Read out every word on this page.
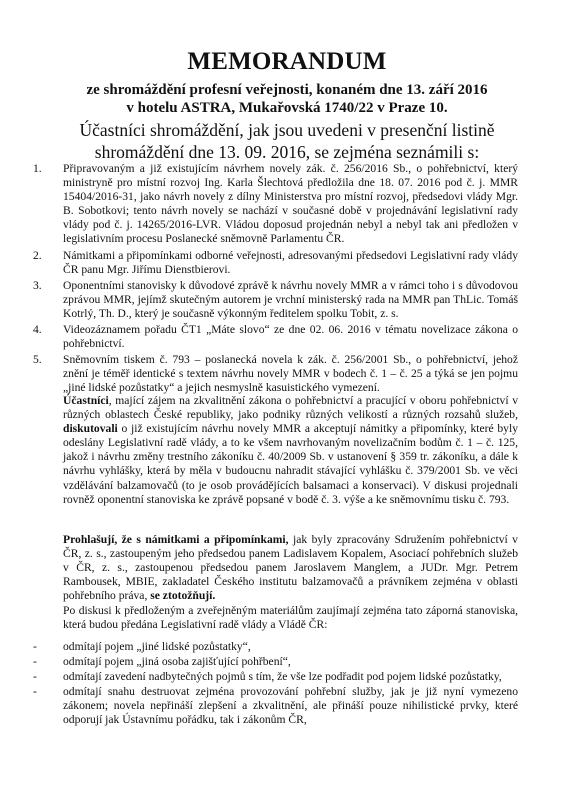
MEMORANDUM
ze shromáždění profesní veřejnosti, konaném dne 13. září 2016
v hotelu ASTRA, Mukařovská 1740/22 v Praze 10.
Účastníci shromáždění, jak jsou uvedeni v presenční listině
shromáždění dne 13. 09. 2016, se zejména seznámili s:
1. Připravovaným a již existujícím návrhem novely zák. č. 256/2016 Sb., o pohřebnictví, který ministryně pro místní rozvoj Ing. Karla Šlechtová předložila dne 18. 07. 2016 pod č. j. MMR 15404/2016-31, jako návrh novely z dílny Ministerstva pro místní rozvoj, předsedovi vlády Mgr. B. Sobotkovi; tento návrh novely se nachází v současné době v projednávání legislativní rady vlády pod č. j. 14265/2016-LVR. Vládou doposud projednán nebyl a nebyl tak ani předložen v legislativním procesu Poslanecké sněmovně Parlamentu ČR.
2. Námitkami a připomínkami odborné veřejnosti, adresovanými předsedovi Legislativní rady vlády ČR panu Mgr. Jiřímu Dienstbierovi.
3. Oponentními stanovisky k důvodové zprávě k návrhu novely MMR a v rámci toho i s důvodovou zprávou MMR, jejímž skutečným autorem je vrchní ministerský rada na MMR pan ThLic. Tomáš Kotrlý, Th. D., který je současně výkonným ředitelem spolku Tobit, z. s.
4. Videozáznamem pořadu ČT1 „Máte slovo“ ze dne 02. 06. 2016 v tématu novelizace zákona o pohřebnictví.
5. Sněmovním tiskem č. 793 – poslanecká novela k zák. č. 256/2001 Sb., o pohřebnictví, jehož znění je téměř identické s textem návrhu novely MMR v bodech č. 1 – č. 25 a týká se jen pojmu „jiné lidské pozůstatky“ a jejich nesmyslně kasuistického vymezení.

Účastníci, mající zájem na zkvalitnění zákona o pohřebnictví a pracující v oboru pohřebnictví v různých oblastech České republiky, jako podniky různých velikostí a různých rozsahů služeb, diskutovali o již existujícím návrhu novely MMR a akceptují námitky a připomínky, které byly odeslány Legislativní radě vlády, a to ke všem navrhovaným novelizačním bodům č. 1 – č. 125, jakož i návrhu změny trestního zákoníku č. 40/2009 Sb. v ustanovení § 359 tr. zákoníku, a dále k návrhu vyhlášky, která by měla v budoucnu nahradit stávající vyhlášku č. 379/2001 Sb. ve věci vzdělávání balzamovačů (to je osob provádějících balsamaci a konservaci). V diskusi projednali rovněž oponentní stanoviska ke zprávě popsané v bodě č. 3. výše a ke sněmovnímu tisku č. 793.

Prohlašují, že s námitkami a připomínkami, jak byly zpracovány Sdružením pohřebnictví v ČR, z. s., zastoupeným jeho předsedou panem Ladislavem Kopalem, Asociací pohřebních služeb v ČR, z. s., zastoupenou předsedou panem Jaroslavem Manglem, a JUDr. Mgr. Petrem Rambousek, MBIE, zakladatel Českého institutu balzamovačů a právníkem zejména v oblasti pohřebního práva, se ztotožňují.

Po diskusi k předloženým a zveřejněným materiálům zaujímají zejména tato záporná stanoviska, která budou předána Legislativní radě vlády a Vládě ČR:

- odmítají pojem „jiné lidské pozůstatky“,
- odmítají pojem „jiná osoba zajišťující pohřbení“,
- odmítají zavedení nadbytečných pojmů s tím, že vše lze podřadit pod pojem lidské pozůstatky,
- odmítají snahu destruovat zejména provozování pohřební služby, jak je již nyní vymezeno zákonem; novela nepřináší zlepšení a zkvalitnění, ale přináší pouze nihilistické prvky, které odporují jak Ústavnímu pořádku, tak i zákonům ČR,
